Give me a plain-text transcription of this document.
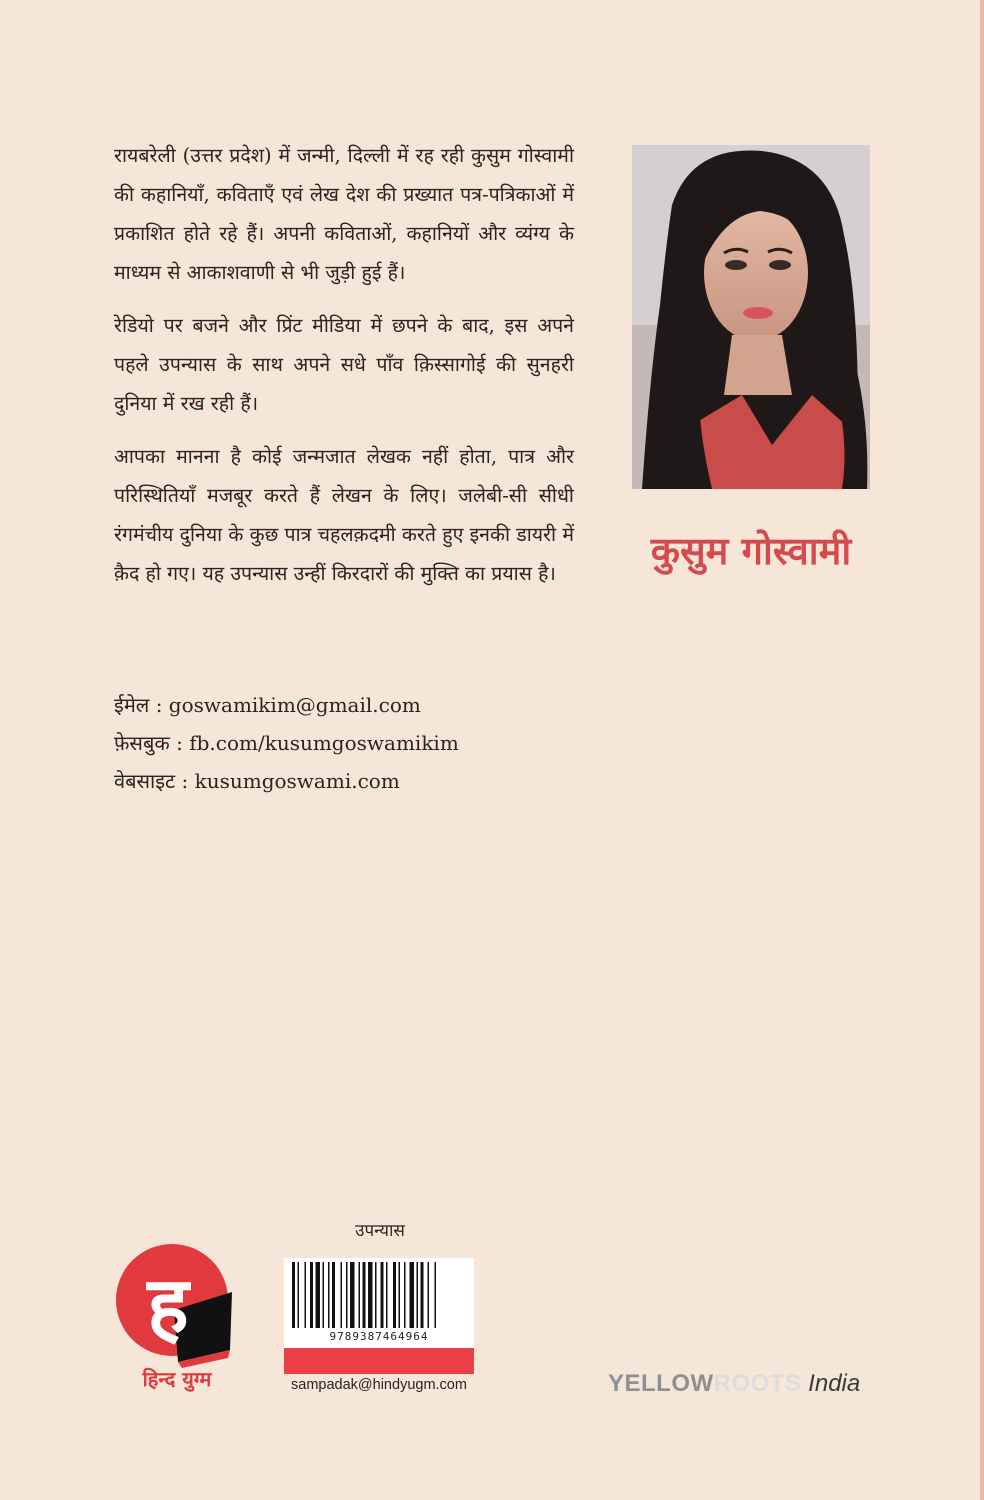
रायबरेली (उत्तर प्रदेश) में जन्मी, दिल्ली में रह रही कुसुम गोस्वामी की कहानियाँ, कविताएँ एवं लेख देश की प्रख्यात पत्र-पत्रिकाओं में प्रकाशित होते रहे हैं। अपनी कविताओं, कहानियों और व्यंग्य के माध्यम से आकाशवाणी से भी जुड़ी हुई हैं।

रेडियो पर बजने और प्रिंट मीडिया में छपने के बाद, इस अपने पहले उपन्यास के साथ अपने सधे पाँव क़िस्सागोई की सुनहरी दुनिया में रख रही हैं।

आपका मानना है कोई जन्मजात लेखक नहीं होता, पात्र और परिस्थितियाँ मजबूर करते हैं लेखन के लिए। जलेबी-सी सीधी रंगमंचीय दुनिया के कुछ पात्र चहलक़दमी करते हुए इनकी डायरी में क़ैद हो गए। यह उपन्यास उन्हीं किरदारों की मुक्ति का प्रयास है।

ईमेल : goswamikim@gmail.com
फ़ेसबुक : fb.com/kusumgoswamikim
वेबसाइट : kusumgoswami.com
कुसुम गोस्वामी
ह
हिन्द युग्म
उपन्यास
9789387464964
sampadak@hindyugm.com	YELLOWROOTS India
